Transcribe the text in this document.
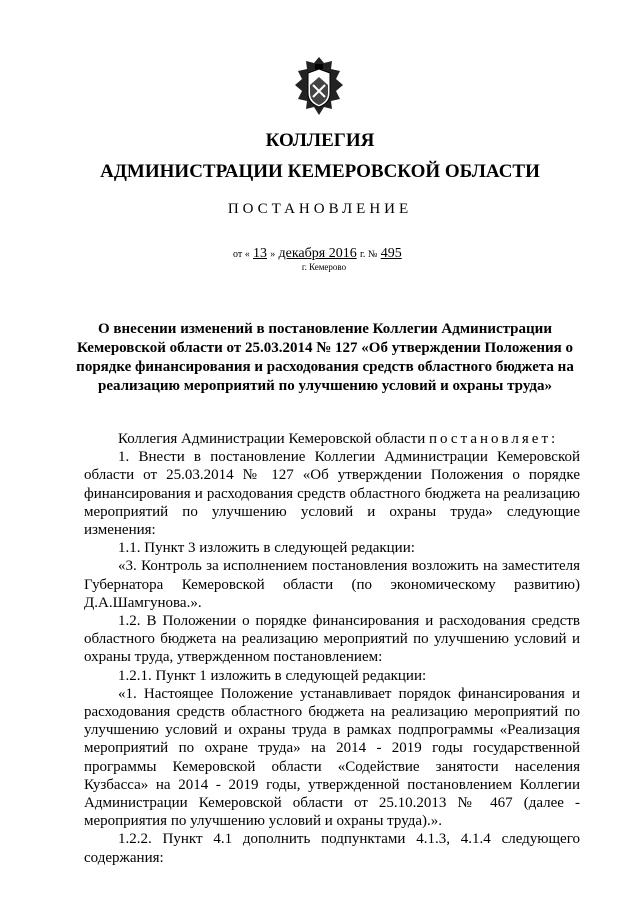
КОЛЛЕГИЯ
АДМИНИСТРАЦИИ КЕМЕРОВСКОЙ ОБЛАСТИ
ПОСТАНОВЛЕНИЕ
от « 13 » декабря 2016 г. № 495
г. Кемерово
О внесении изменений в постановление Коллегии Администрации Кемеровской области от 25.03.2014 № 127 «Об утверждении Положения о порядке финансирования и расходования средств областного бюджета на реализацию мероприятий по улучшению условий и охраны труда»

Коллегия Администрации Кемеровской области постановляет:

1. Внести в постановление Коллегии Администрации Кемеровской области от 25.03.2014 № 127 «Об утверждении Положения о порядке финансирования и расходования средств областного бюджета на реализацию мероприятий по улучшению условий и охраны труда» следующие изменения:

1.1. Пункт 3 изложить в следующей редакции:

«3. Контроль за исполнением постановления возложить на заместителя Губернатора Кемеровской области (по экономическому развитию) Д.А.Шамгунова.».

1.2. В Положении о порядке финансирования и расходования средств областного бюджета на реализацию мероприятий по улучшению условий и охраны труда, утвержденном постановлением:

1.2.1. Пункт 1 изложить в следующей редакции:

«1. Настоящее Положение устанавливает порядок финансирования и расходования средств областного бюджета на реализацию мероприятий по улучшению условий и охраны труда в рамках подпрограммы «Реализация мероприятий по охране труда» на 2014 - 2019 годы государственной программы Кемеровской области «Содействие занятости населения Кузбасса» на 2014 - 2019 годы, утвержденной постановлением Коллегии Администрации Кемеровской области от 25.10.2013 № 467 (далее - мероприятия по улучшению условий и охраны труда).».

1.2.2. Пункт 4.1 дополнить подпунктами 4.1.3, 4.1.4 следующего содержания:
